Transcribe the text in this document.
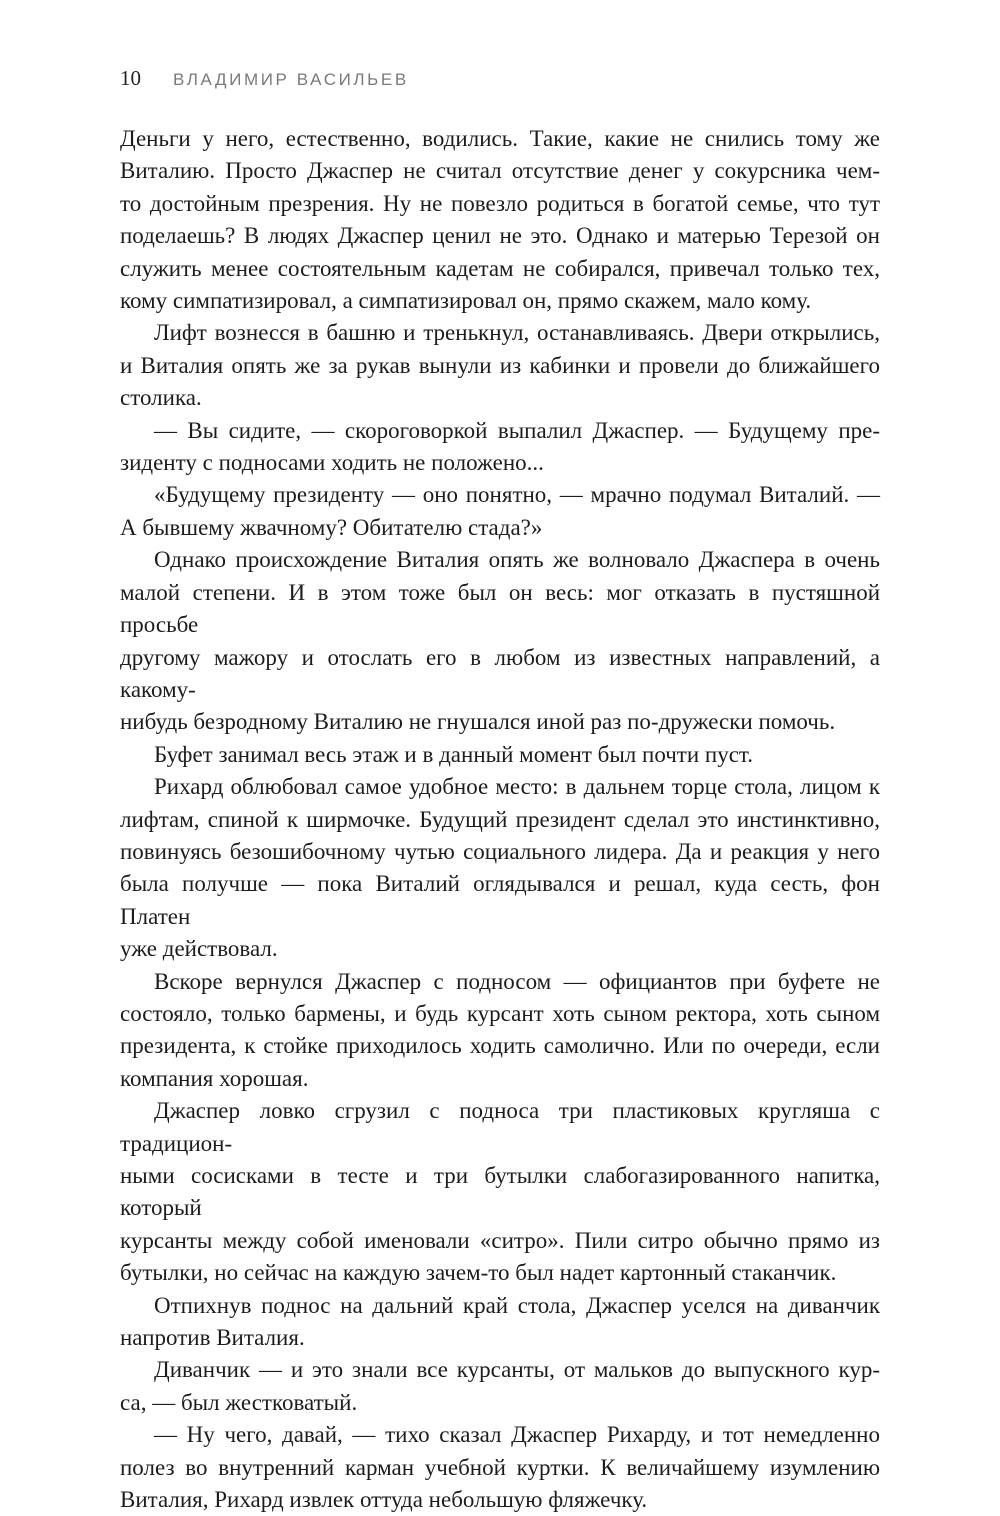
10 ВЛАДИМИР ВАСИЛЬЕВ

Деньги у него, естественно, водились. Такие, какие не снились тому же
Виталию. Просто Джаспер не считал отсутствие денег у сокурсника чем-
то достойным презрения. Ну не повезло родиться в богатой семье, что тут
поделаешь? В людях Джаспер ценил не это. Однако и матерью Терезой он
служить менее состоятельным кадетам не собирался, привечал только тех,
кому симпатизировал, а симпатизировал он, прямо скажем, мало кому.

Лифт вознесся в башню и тренькнул, останавливаясь. Двери открылись,
и Виталия опять же за рукав вынули из кабинки и провели до ближайшего
столика.

— Вы сидите, — скороговоркой выпалил Джаспер. — Будущему пре-
зиденту с подносами ходить не положено...

«Будущему президенту — оно понятно, — мрачно подумал Виталий. —
А бывшему жвачному? Обитателю стада?»

Однако происхождение Виталия опять же волновало Джаспера в очень
малой степени. И в этом тоже был он весь: мог отказать в пустяшной просьбе
другому мажору и отослать его в любом из известных направлений, а какому-
нибудь безродному Виталию не гнушался иной раз по-дружески помочь.

Буфет занимал весь этаж и в данный момент был почти пуст.

Рихард облюбовал самое удобное место: в дальнем торце стола, лицом к
лифтам, спиной к ширмочке. Будущий президент сделал это инстинктивно,
повинуясь безошибочному чутью социального лидера. Да и реакция у него
была получше — пока Виталий оглядывался и решал, куда сесть, фон Платен
уже действовал.

Вскоре вернулся Джаспер с подносом — официантов при буфете не
состояло, только бармены, и будь курсант хоть сыном ректора, хоть сыном
президента, к стойке приходилось ходить самолично. Или по очереди, если
компания хорошая.

Джаспер ловко сгрузил с подноса три пластиковых кругляша с традицион-
ными сосисками в тесте и три бутылки слабогазированного напитка, который
курсанты между собой именовали «ситро». Пили ситро обычно прямо из
бутылки, но сейчас на каждую зачем-то был надет картонный стаканчик.

Отпихнув поднос на дальний край стола, Джаспер уселся на диванчик
напротив Виталия.

Диванчик — и это знали все курсанты, от мальков до выпускного кур-
са, — был жестковатый.

— Ну чего, давай, — тихо сказал Джаспер Рихарду, и тот немедленно
полез во внутренний карман учебной куртки. К величайшему изумлению
Виталия, Рихард извлек оттуда небольшую фляжечку.
